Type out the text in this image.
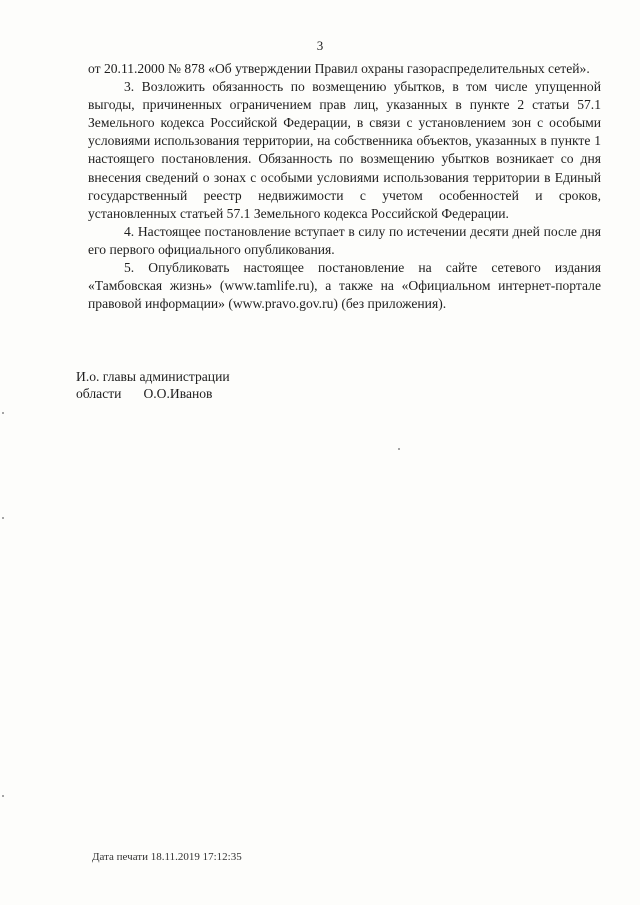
3

от 20.11.2000 № 878 «Об утверждении Правил охраны газораспределительных сетей».

3. Возложить обязанность по возмещению убытков, в том числе упущенной выгоды, причиненных ограничением прав лиц, указанных в пункте 2 статьи 57.1 Земельного кодекса Российской Федерации, в связи с установлением зон с особыми условиями использования территории, на собственника объектов, указанных в пункте 1 настоящего постановления. Обязанность по возмещению убытков возникает со дня внесения сведений о зонах с особыми условиями использования территории в Единый государственный реестр недвижимости с учетом особенностей и сроков, установленных статьей 57.1 Земельного кодекса Российской Федерации.

4. Настоящее постановление вступает в силу по истечении десяти дней после дня его первого официального опубликования.

5. Опубликовать настоящее постановление на сайте сетевого издания «Тамбовская жизнь» (www.tamlife.ru), а также на «Официальном интернет-портале правовой информации» (www.pravo.gov.ru) (без приложения).

И.о. главы администрации
области О.О.Иванов
Дата печати 18.11.2019 17:12:35
